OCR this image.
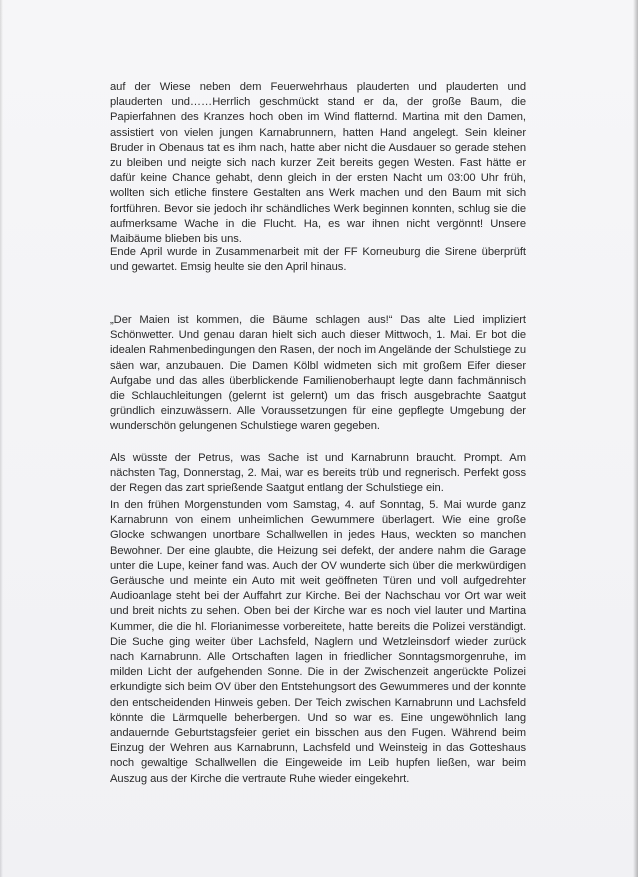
auf der Wiese neben dem Feuerwehrhaus plauderten und plauderten und plauderten und……Herrlich geschmückt stand er da, der große Baum, die Papierfahnen des Kranzes hoch oben im Wind flatternd. Martina mit den Damen, assistiert von vielen jungen Karnabrunnern, hatten Hand angelegt. Sein kleiner Bruder in Obenaus tat es ihm nach, hatte aber nicht die Ausdauer so gerade stehen zu bleiben und neigte sich nach kurzer Zeit bereits gegen Westen. Fast hätte er dafür keine Chance gehabt, denn gleich in der ersten Nacht um 03:00 Uhr früh, wollten sich etliche finstere Gestalten ans Werk machen und den Baum mit sich fortführen. Bevor sie jedoch ihr schändliches Werk beginnen konnten, schlug sie die aufmerksame Wache in die Flucht. Ha, es war ihnen nicht vergönnt! Unsere Maibäume blieben bis uns.

Ende April wurde in Zusammenarbeit mit der FF Korneuburg die Sirene überprüft und gewartet. Emsig heulte sie den April hinaus.

„Der Maien ist kommen, die Bäume schlagen aus!“ Das alte Lied impliziert Schönwetter. Und genau daran hielt sich auch dieser Mittwoch, 1. Mai. Er bot die idealen Rahmenbedingungen den Rasen, der noch im Angelände der Schulstiege zu säen war, anzubauen. Die Damen Kölbl widmeten sich mit großem Eifer dieser Aufgabe und das alles überblickende Familienoberhaupt legte dann fachmännisch die Schlauchleitungen (gelernt ist gelernt) um das frisch ausgebrachte Saatgut gründlich einzuwässern. Alle Voraussetzungen für eine gepflegte Umgebung der wunderschön gelungenen Schulstiege waren gegeben.

Als wüsste der Petrus, was Sache ist und Karnabrunn braucht. Prompt. Am nächsten Tag, Donnerstag, 2. Mai, war es bereits trüb und regnerisch. Perfekt goss der Regen das zart sprießende Saatgut entlang der Schulstiege ein.

In den frühen Morgenstunden vom Samstag, 4. auf Sonntag, 5. Mai wurde ganz Karnabrunn von einem unheimlichen Gewummere überlagert. Wie eine große Glocke schwangen unortbare Schallwellen in jedes Haus, weckten so manchen Bewohner. Der eine glaubte, die Heizung sei defekt, der andere nahm die Garage unter die Lupe, keiner fand was. Auch der OV wunderte sich über die merkwürdigen Geräusche und meinte ein Auto mit weit geöffneten Türen und voll aufgedrehter Audioanlage steht bei der Auffahrt zur Kirche. Bei der Nachschau vor Ort war weit und breit nichts zu sehen. Oben bei der Kirche war es noch viel lauter und Martina Kummer, die die hl. Florianimesse vorbereitete, hatte bereits die Polizei verständigt. Die Suche ging weiter über Lachsfeld, Naglern und Wetzleinsdorf wieder zurück nach Karnabrunn. Alle Ortschaften lagen in friedlicher Sonntagsmorgenruhe, im milden Licht der aufgehenden Sonne. Die in der Zwischenzeit angerückte Polizei erkundigte sich beim OV über den Entstehungsort des Gewummeres und der konnte den entscheidenden Hinweis geben. Der Teich zwischen Karnabrunn und Lachsfeld könnte die Lärmquelle beherbergen. Und so war es. Eine ungewöhnlich lang andauernde Geburtstagsfeier geriet ein bisschen aus den Fugen. Während beim Einzug der Wehren aus Karnabrunn, Lachsfeld und Weinsteig in das Gotteshaus noch gewaltige Schallwellen die Eingeweide im Leib hupfen ließen, war beim Auszug aus der Kirche die vertraute Ruhe wieder eingekehrt.
